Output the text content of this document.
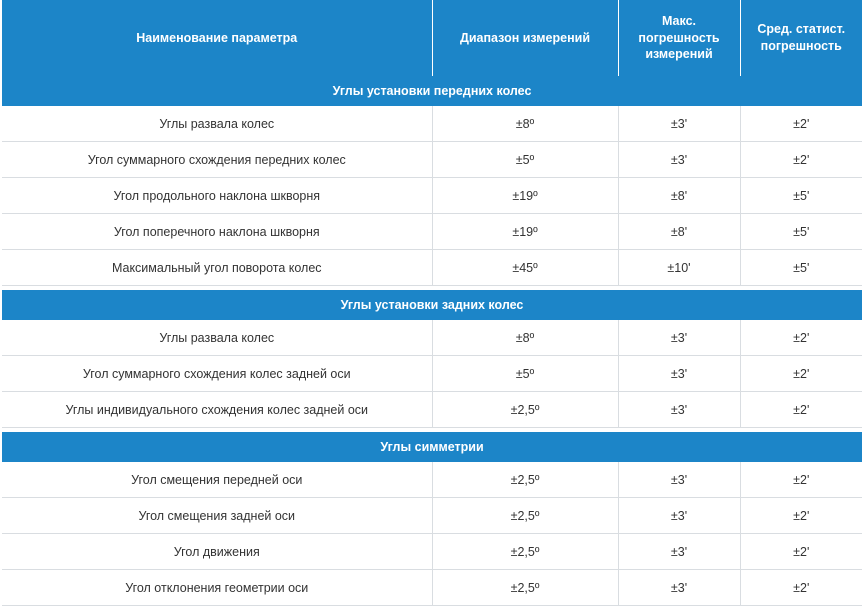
Наименование параметра	Диапазон измерений	Макс. погрешность измерений	Сред. статист. погрешность
Углы установки передних колес			
Углы развала колес	±8º	±3'	±2'
Угол суммарного схождения передних колес	±5º	±3'	±2'
Угол продольного наклона шкворня	±19º	±8'	±5'
Угол поперечного наклона шкворня	±19º	±8'	±5'
Максимальный угол поворота колес	±45º	±10'	±5'

Углы установки задних колес			
Углы развала колес	±8º	±3'	±2'
Угол суммарного схождения колес задней оси	±5º	±3'	±2'
Углы индивидуального схождения колес задней оси	±2,5º	±3'	±2'

Углы симметрии			
Угол смещения передней оси	±2,5º	±3'	±2'
Угол смещения задней оси	±2,5º	±3'	±2'
Угол движения	±2,5º	±3'	±2'
Угол отклонения геометрии оси	±2,5º	±3'	±2'
